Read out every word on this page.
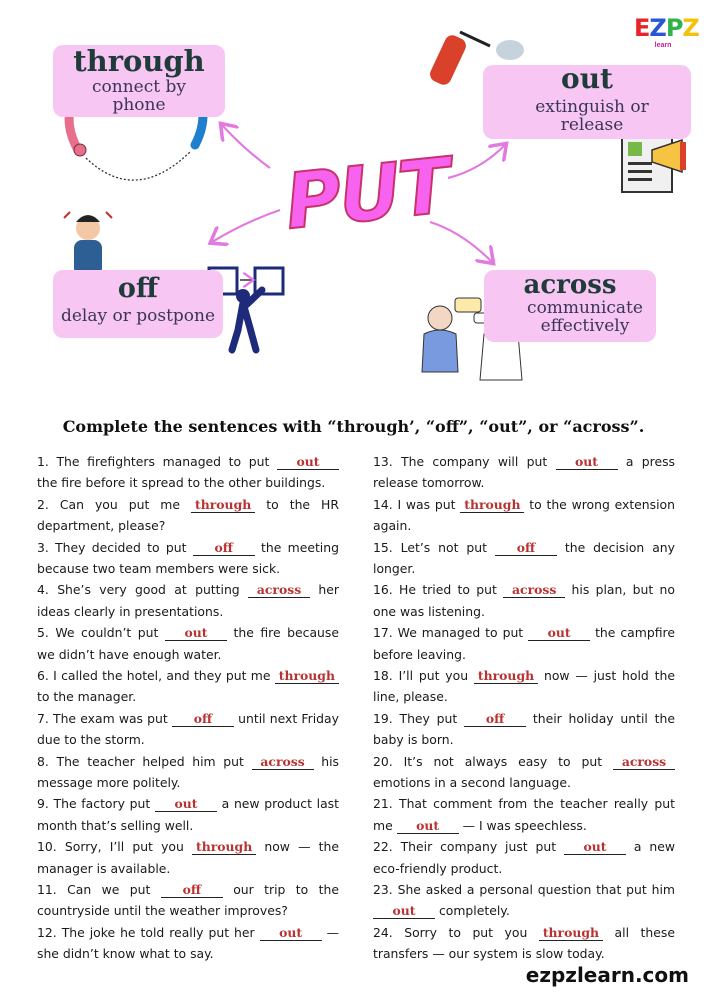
through
connect by phone
out
extinguish or release
off
delay or postpone
across
communicate effectively
PUT
EZPZ
learn
Complete the sentences with “through’, “off”, “out”, or “across”.
1. The firefighters managed to put out the fire before it spread to the other buildings.
2. Can you put me through to the HR department, please?
3. They decided to put off the meeting because two team members were sick.
4. She’s very good at putting across her ideas clearly in presentations.
5. We couldn’t put out the fire because we didn’t have enough water.
6. I called the hotel, and they put me through to the manager.
7. The exam was put off until next Friday due to the storm.
8. The teacher helped him put across his message more politely.
9. The factory put out a new product last month that’s selling well.
10. Sorry, I’ll put you through now — the manager is available.
11. Can we put	off	our trip to the countryside until the weather improves?
12. The joke he told really put her out — she didn’t know what to say.
13. The company will put out a press release tomorrow.
14. I was put through to the wrong extension again.
15. Let’s not put off the decision any longer.
16. He tried to put across his plan, but no one was listening.
17. We managed to put out the campfire before leaving.
18. I’ll put you through now — just hold the line, please.
19. They put off their holiday until the baby is born.
20. It’s not always easy to put across emotions in a second language.
21. That comment from the teacher really put me out — I was speechless.
22. Their company just put out a new eco-friendly product.
23. She asked a personal question that put him out completely.
24. Sorry to put you through all these transfers — our system is slow today.
ezpzlearn.com
